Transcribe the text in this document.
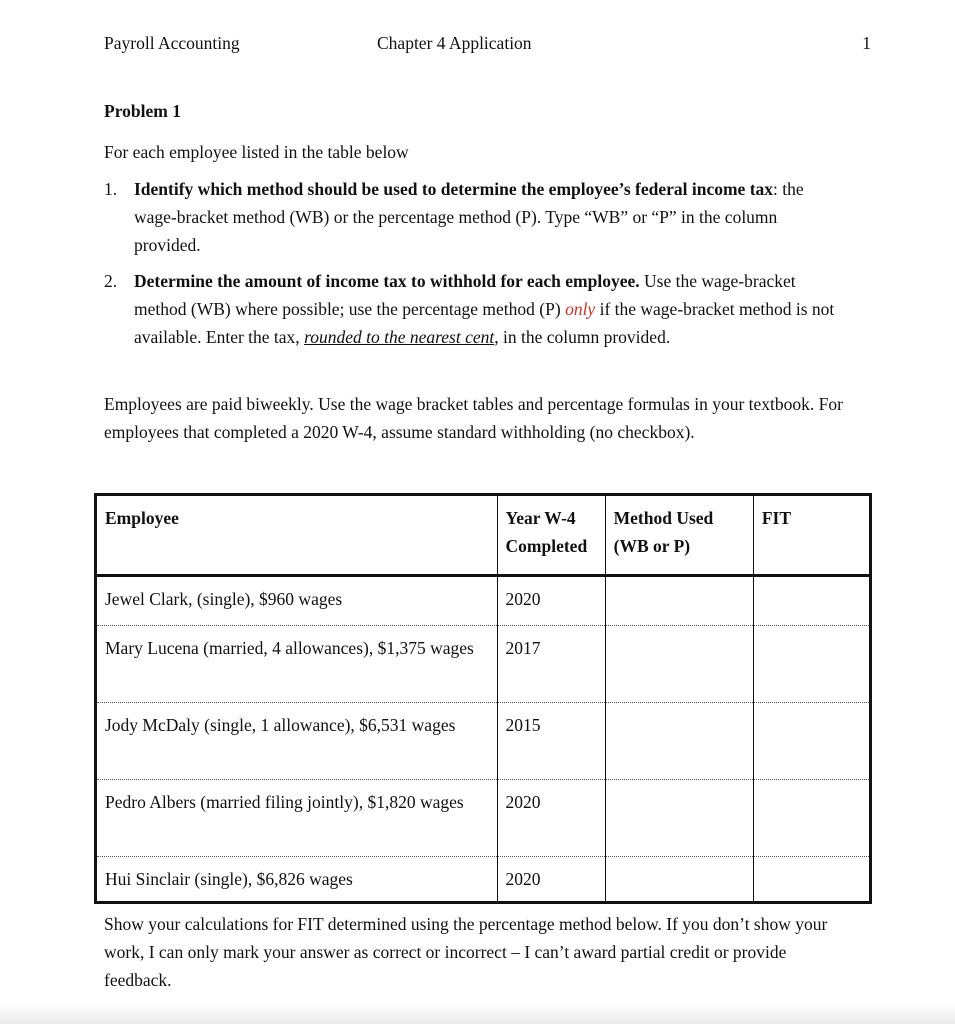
Payroll Accounting	Chapter 4 Application	1
Problem 1
For each employee listed in the table below
1. Identify which method should be used to determine the employee’s federal income tax: the wage-bracket method (WB) or the percentage method (P). Type “WB” or “P” in the column provided.
2. Determine the amount of income tax to withhold for each employee. Use the wage-bracket method (WB) where possible; use the percentage method (P) only if the wage-bracket method is not available. Enter the tax, rounded to the nearest cent, in the column provided.
Employees are paid biweekly. Use the wage bracket tables and percentage formulas in your textbook. For employees that completed a 2020 W-4, assume standard withholding (no checkbox).
Employee	Year W-4 Completed	Method Used (WB or P)	FIT
Jewel Clark, (single), $960 wages	2020		
Mary Lucena (married, 4 allowances), $1,375 wages	2017		
Jody McDaly (single, 1 allowance), $6,531 wages	2015		
Pedro Albers (married filing jointly), $1,820 wages	2020		
Hui Sinclair (single), $6,826 wages	2020		
Show your calculations for FIT determined using the percentage method below. If you don’t show your work, I can only mark your answer as correct or incorrect – I can’t award partial credit or provide feedback.
